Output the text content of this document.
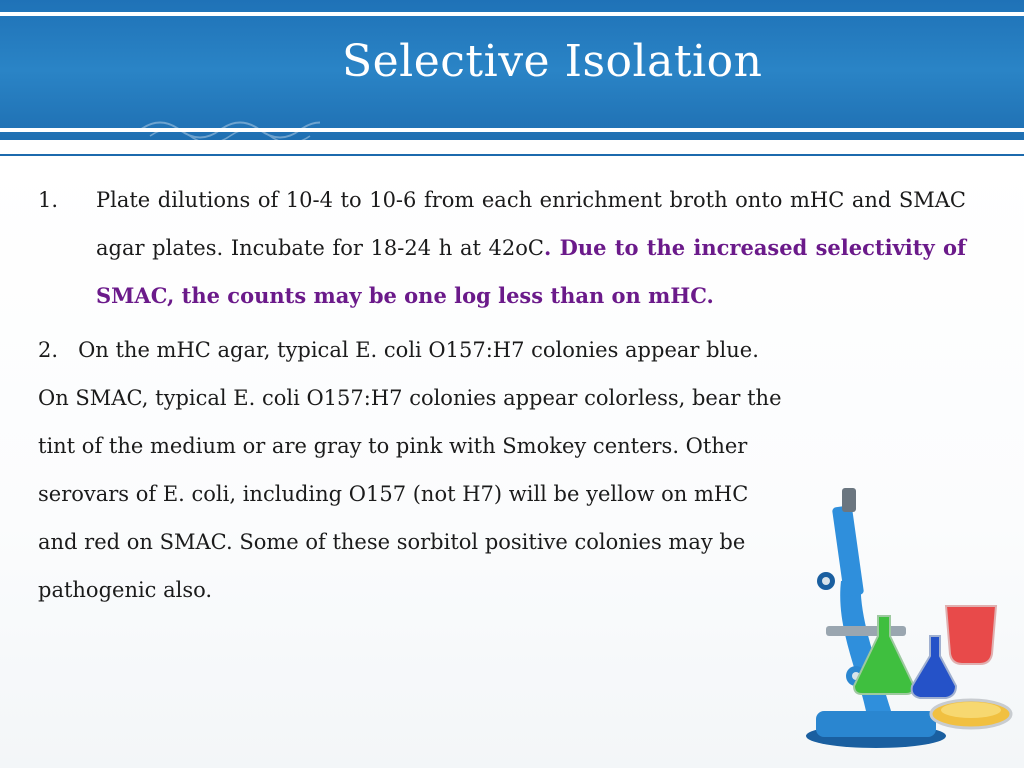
Selective Isolation
1.	Plate dilutions of 10-4 to 10-6 from each enrichment broth onto mHC and SMAC agar plates. Incubate for 18-24 h at 42oC. Due to the increased selectivity of SMAC, the counts may be one log less than on mHC.
2. On the mHC agar, typical E. coli O157:H7 colonies appear blue.
On SMAC, typical E. coli O157:H7 colonies appear colorless, bear the
tint of the medium or are gray to pink with Smokey centers. Other
serovars of E. coli, including O157 (not H7) will be yellow on mHC
and red on SMAC. Some of these sorbitol positive colonies may be
pathogenic also.
